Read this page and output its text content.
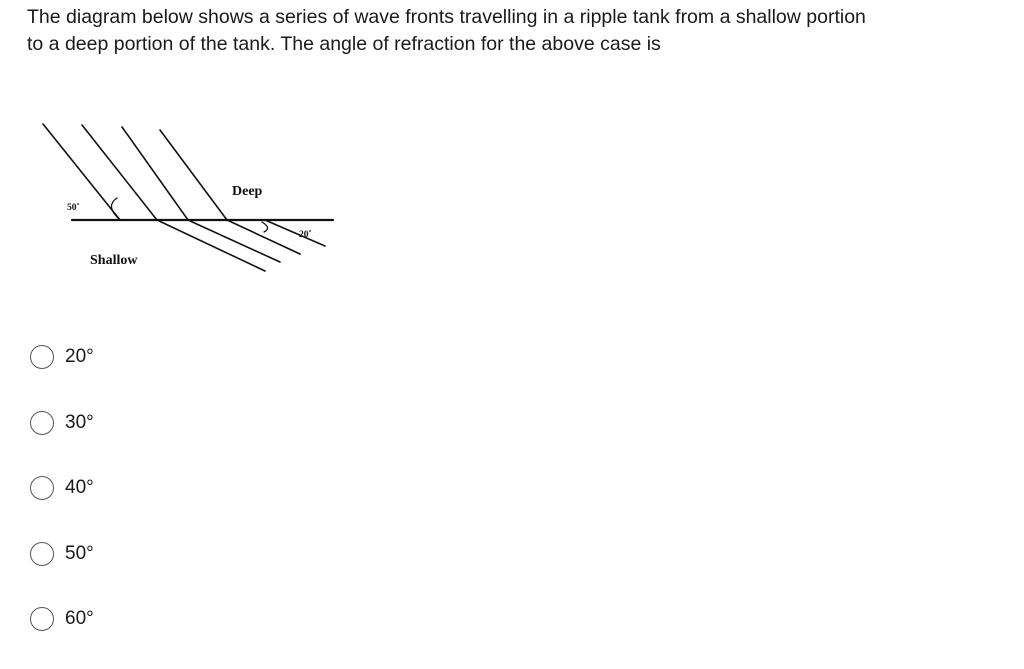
The diagram below shows a series of wave fronts travelling in a ripple tank from a shallow portion to a deep portion of the tank. The angle of refraction for the above case is

Deep
Shallow
50˚
20˚
20°
30°
40°
50°
60°
